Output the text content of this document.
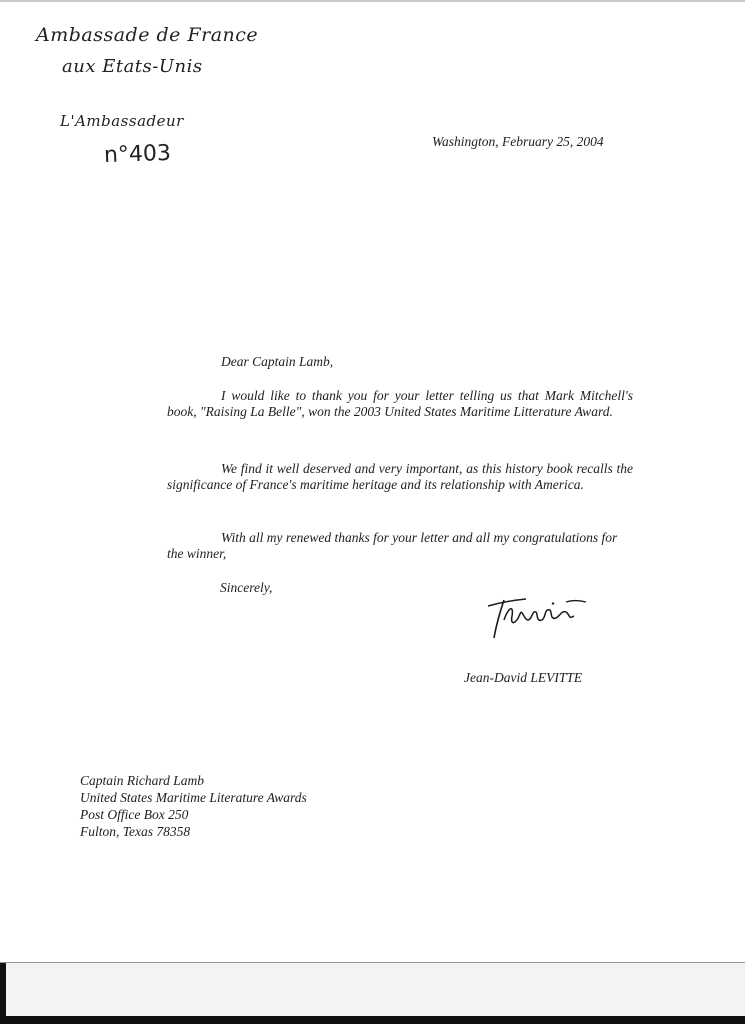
Ambassade de France
aux Etats-Unis
L'Ambassadeur
n°403	Washington, February 25, 2004
Dear Captain Lamb,
I would like to thank you for your letter telling us that Mark Mitchell's book, "Raising La Belle", won the 2003 United States Maritime Litterature Award.
We find it well deserved and very important, as this history book recalls the significance of France's maritime heritage and its relationship with America.
With all my renewed thanks for your letter and all my congratulations for the winner,
Sincerely,
Jean-David LEVITTE
Captain Richard Lamb
United States Maritime Literature Awards
Post Office Box 250
Fulton, Texas 78358
